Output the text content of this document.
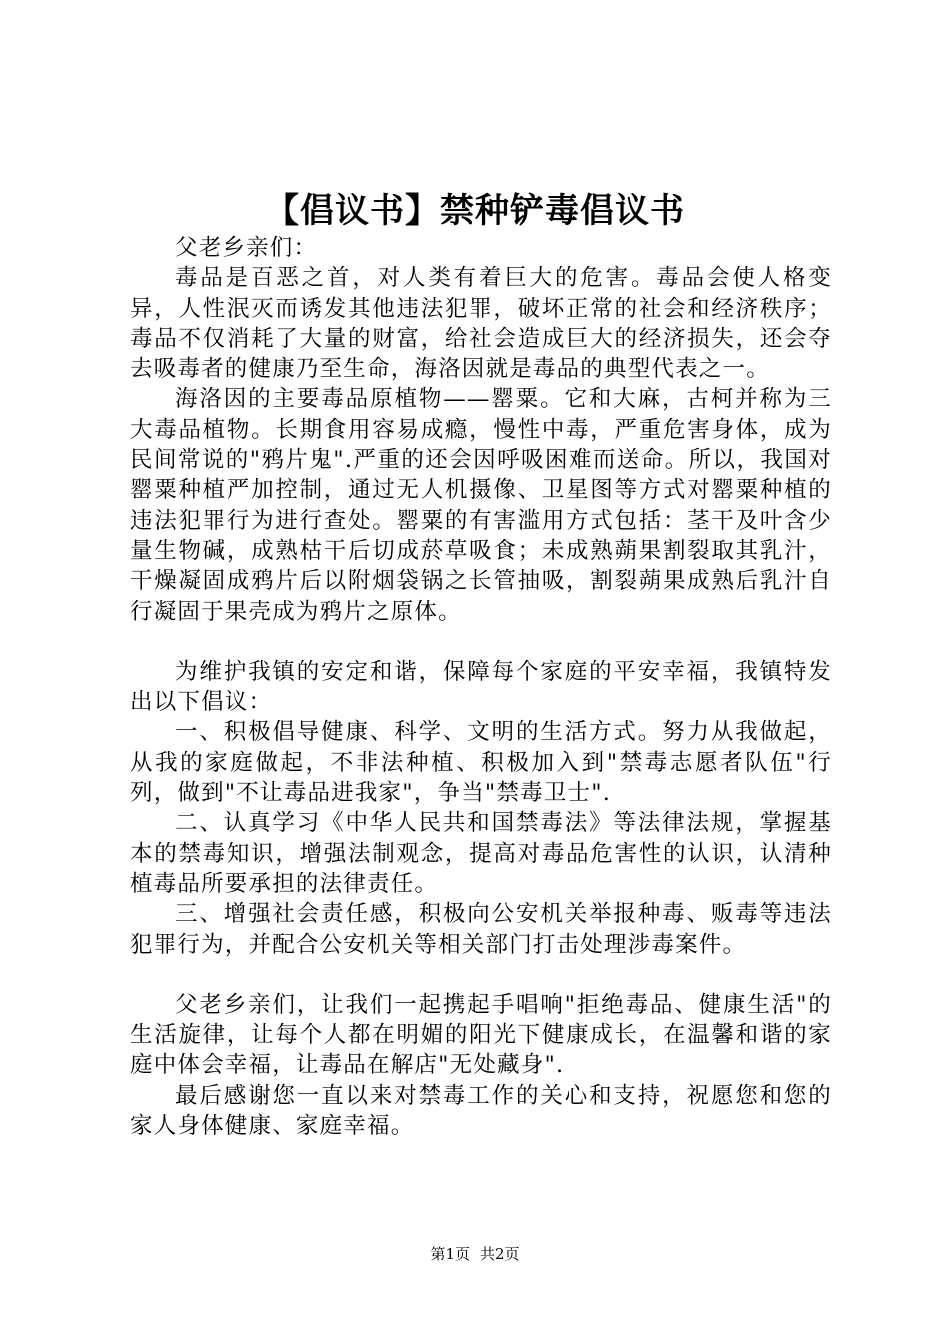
【倡议书】禁种铲毒倡议书

父老乡亲们：

毒品是百恶之首，对人类有着巨大的危害。毒品会使人格变异，人性泯灭而诱发其他违法犯罪，破坏正常的社会和经济秩序；毒品不仅消耗了大量的财富，给社会造成巨大的经济损失，还会夺去吸毒者的健康乃至生命，海洛因就是毒品的典型代表之一。

海洛因的主要毒品原植物——罂粟。它和大麻，古柯并称为三大毒品植物。长期食用容易成瘾，慢性中毒，严重危害身体，成为民间常说的"鸦片鬼".严重的还会因呼吸困难而送命。所以，我国对罂粟种植严加控制，通过无人机摄像、卫星图等方式对罂粟种植的违法犯罪行为进行查处。罂粟的有害滥用方式包括：茎干及叶含少量生物碱，成熟枯干后切成菸草吸食；未成熟蒴果割裂取其乳汁，干燥凝固成鸦片后以附烟袋锅之长管抽吸，割裂蒴果成熟后乳汁自行凝固于果壳成为鸦片之原体。

为维护我镇的安定和谐，保障每个家庭的平安幸福，我镇特发出以下倡议：

一、积极倡导健康、科学、文明的生活方式。努力从我做起，从我的家庭做起，不非法种植、积极加入到"禁毒志愿者队伍"行列，做到"不让毒品进我家"，争当"禁毒卫士".

二、认真学习《中华人民共和国禁毒法》等法律法规，掌握基本的禁毒知识，增强法制观念，提高对毒品危害性的认识，认清种植毒品所要承担的法律责任。

三、增强社会责任感，积极向公安机关举报种毒、贩毒等违法犯罪行为，并配合公安机关等相关部门打击处理涉毒案件。

父老乡亲们，让我们一起携起手唱响"拒绝毒品、健康生活"的生活旋律，让每个人都在明媚的阳光下健康成长，在温馨和谐的家庭中体会幸福，让毒品在解店"无处藏身".

最后感谢您一直以来对禁毒工作的关心和支持，祝愿您和您的家人身体健康、家庭幸福。

第1页 共2页
